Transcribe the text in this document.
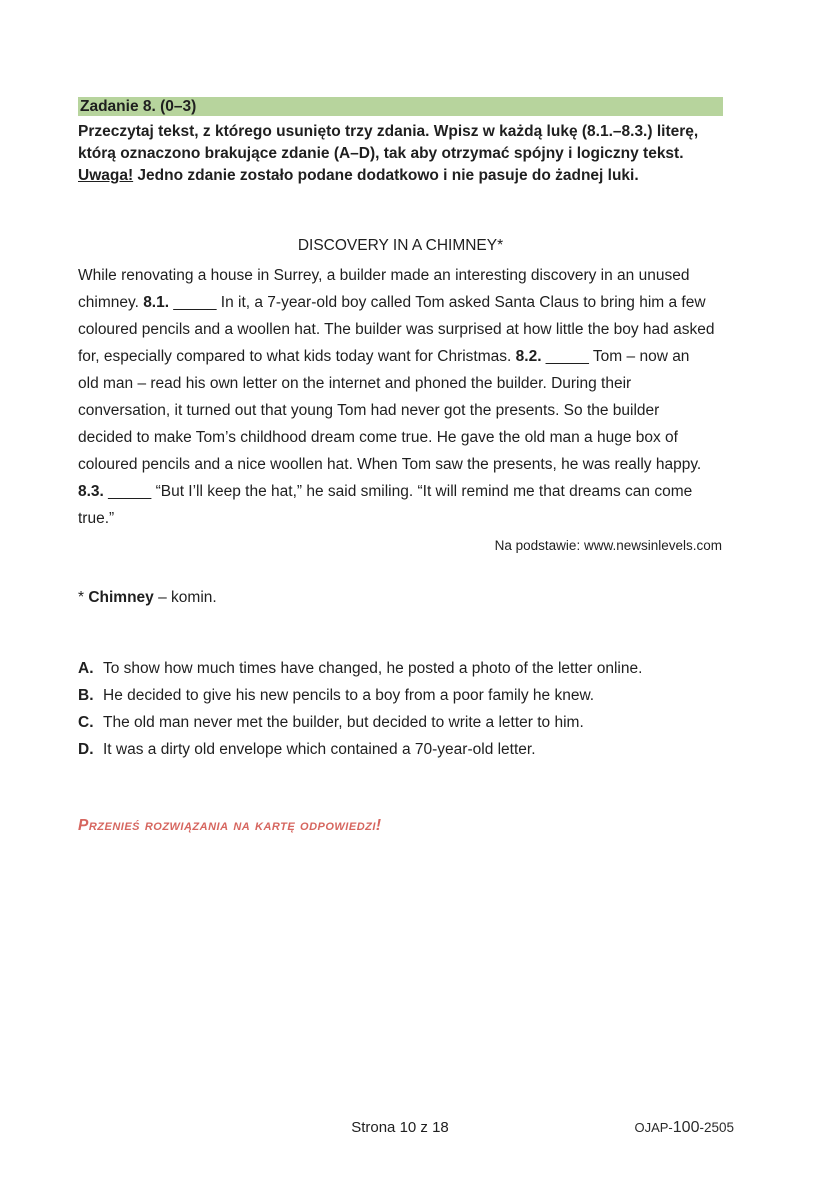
Zadanie 8. (0–3)
Przeczytaj tekst, z którego usunięto trzy zdania. Wpisz w każdą lukę (8.1.–8.3.) literę,
którą oznaczono brakujące zdanie (A–D), tak aby otrzymać spójny i logiczny tekst.
Uwaga! Jedno zdanie zostało podane dodatkowo i nie pasuje do żadnej luki.
DISCOVERY IN A CHIMNEY*
While renovating a house in Surrey, a builder made an interesting discovery in an unused
chimney. 8.1. _____ In it, a 7-year-old boy called Tom asked Santa Claus to bring him a few
coloured pencils and a woollen hat. The builder was surprised at how little the boy had asked
for, especially compared to what kids today want for Christmas. 8.2. _____ Tom – now an
old man – read his own letter on the internet and phoned the builder. During their
conversation, it turned out that young Tom had never got the presents. So the builder
decided to make Tom’s childhood dream come true. He gave the old man a huge box of
coloured pencils and a nice woollen hat. When Tom saw the presents, he was really happy.
8.3. _____ “But I’ll keep the hat,” he said smiling. “It will remind me that dreams can come
true.”
Na podstawie: www.newsinlevels.com
* Chimney – komin.
A. To show how much times have changed, he posted a photo of the letter online.
B. He decided to give his new pencils to a boy from a poor family he knew.
C. The old man never met the builder, but decided to write a letter to him.
D. It was a dirty old envelope which contained a 70-year-old letter.
Przenieś rozwiązania na kartę odpowiedzi!
Strona 10 z 18	OJAP- 100 -2505
